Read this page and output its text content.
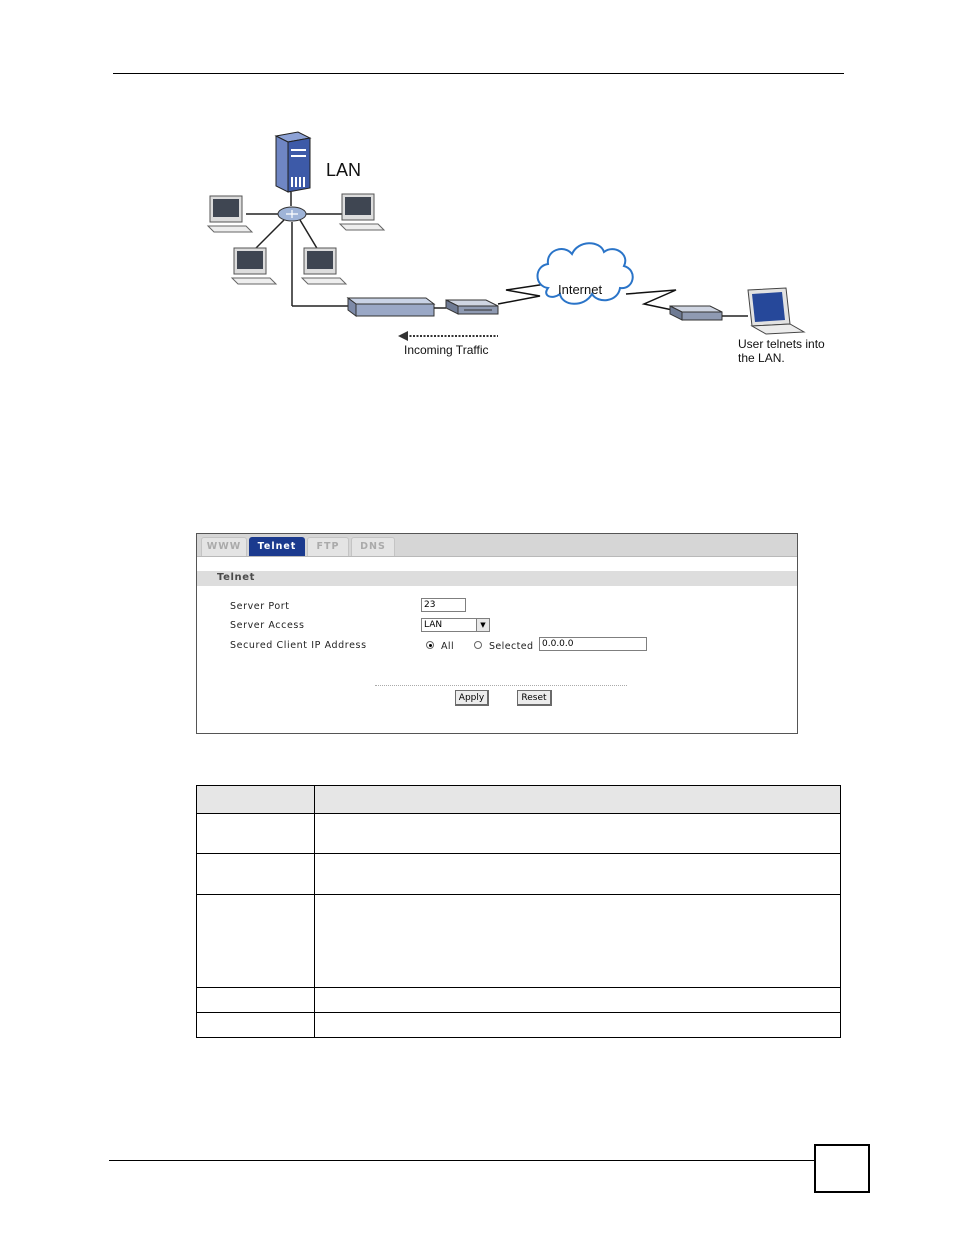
LAN
Internet
Incoming Traffic	User telnets into
the LAN.
WWW	Telnet	FTP	DNS
Telnet
Server Port	23
Server Access	LAN	▼
Secured Client IP Address	All	Selected 0.0.0.0
Apply	Reset
